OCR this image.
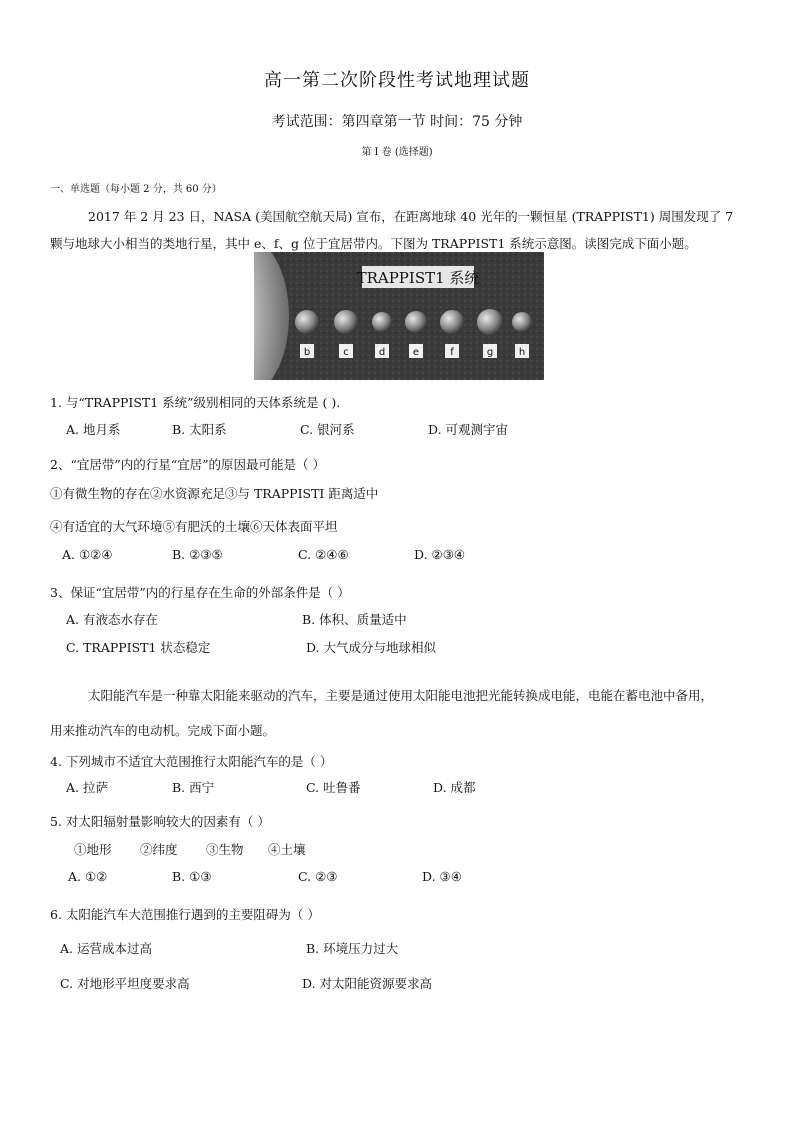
高一第二次阶段性考试地理试题
考试范围：第四章第一节 时间：75 分钟
第 I 卷 (选择题)
一、单选题（每小题 2 分，共 60 分）
2017 年 2 月 23 日，NASA (美国航空航天局) 宣布，在距离地球 40 光年的一颗恒星 (TRAPPIST1) 周围发现了 7
颗与地球大小相当的类地行星，其中 e、f、g 位于宜居带内。下图为 TRAPPIST1 系统示意图。读图完成下面小题。
TRAPPIST1 系统
b	c	d	e	f	g	h
1. 与“TRAPPIST1 系统”级别相同的天体系统是 ( ).
A. 地月系	B. 太阳系	C. 银河系	D. 可观测宇宙
2、“宜居带”内的行星“宜居”的原因最可能是（ ）
①有微生物的存在②水资源充足③与 TRAPPISTI 距离适中
④有适宜的大气环境⑤有肥沃的土壤⑥天体表面平坦
A. ①②④	B. ②③⑤	C. ②④⑥	D. ②③④
3、保证“宜居带”内的行星存在生命的外部条件是（ ）
A. 有液态水存在	B. 体积、质量适中
C. TRAPPIST1 状态稳定	D. 大气成分与地球相似
太阳能汽车是一种靠太阳能来驱动的汽车，主要是通过使用太阳能电池把光能转换成电能，电能在蓄电池中备用，
用来推动汽车的电动机。完成下面小题。
4. 下列城市不适宜大范围推行太阳能汽车的是（ ）
A. 拉萨	B. 西宁	C. 吐鲁番	D. 成都
5. 对太阳辐射量影响较大的因素有（ ）
①地形 ②纬度 ③生物 ④土壤
A. ①②	B. ①③	C. ②③	D. ③④
6. 太阳能汽车大范围推行遇到的主要阻碍为（ ）
A. 运营成本过高	B. 环境压力过大
C. 对地形平坦度要求高	D. 对太阳能资源要求高
